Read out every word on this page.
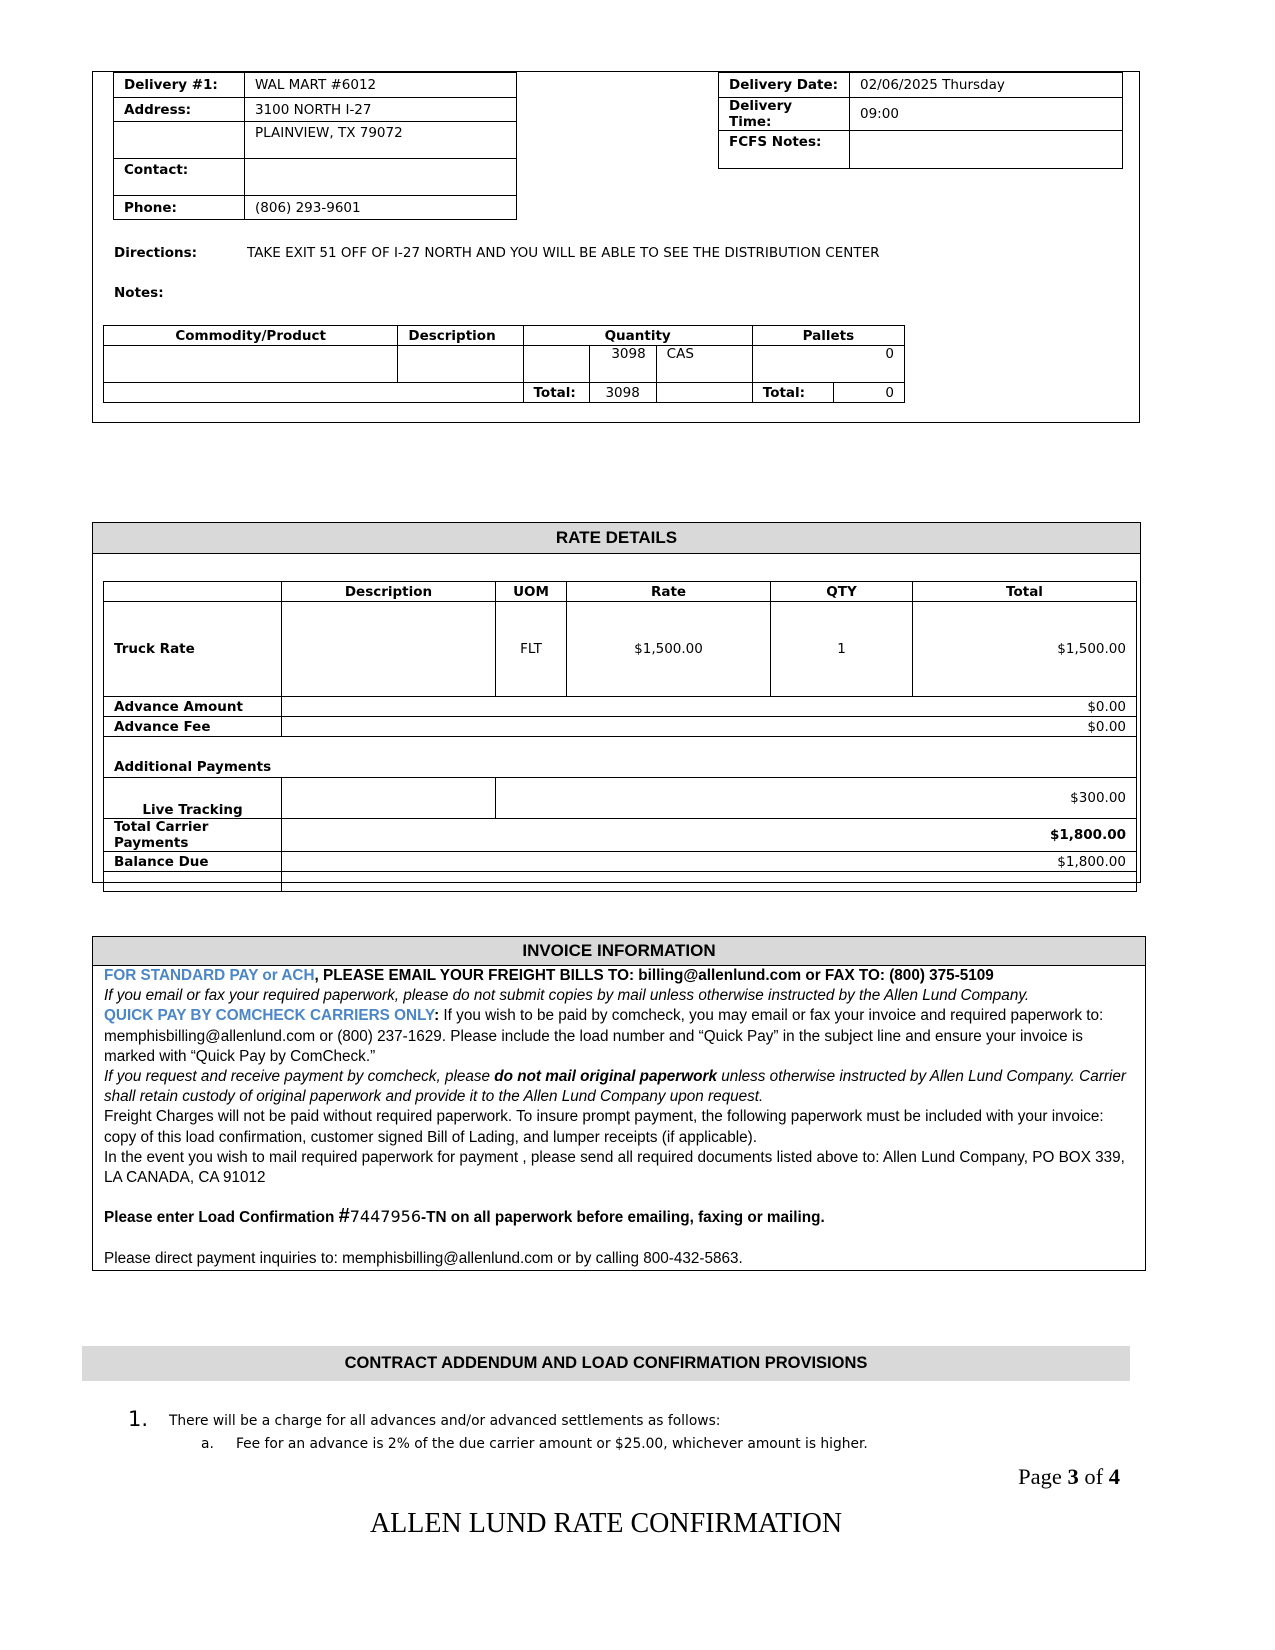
Delivery #1:	WAL MART #6012
Address:	3100 NORTH I-27
	PLAINVIEW, TX 79072
Contact:	
Phone:	(806) 293-9601
Delivery Date:	02/06/2025 Thursday
Delivery Time:	09:00
FCFS Notes:	
Directions:	TAKE EXIT 51 OFF OF I-27 NORTH AND YOU WILL BE ABLE TO SEE THE DISTRIBUTION CENTER
Notes:
Commodity/Product	Description	Quantity			Pallets	
			3098	CAS	0	
		Total:	3098		Total:	0
RATE DETAILS
	Description	UOM	Rate	QTY	Total
Truck Rate		FLT	$1,500.00	1	$1,500.00
Advance Amount	$0.00				
Advance Fee	$0.00				
Additional Payments					
Live Tracking		$300.00			
Total Carrier Payments	$1,800.00				
Balance Due	$1,800.00				

INVOICE INFORMATION

FOR STANDARD PAY or ACH, PLEASE EMAIL YOUR FREIGHT BILLS TO: billing@allenlund.com or FAX TO: (800) 375-5109

If you email or fax your required paperwork, please do not submit copies by mail unless otherwise instructed by the Allen Lund Company.

QUICK PAY BY COMCHECK CARRIERS ONLY: If you wish to be paid by comcheck, you may email or fax your invoice and required paperwork to: memphisbilling@allenlund.com or (800) 237-1629. Please include the load number and “Quick Pay” in the subject line and ensure your invoice is marked with “Quick Pay by ComCheck.”

If you request and receive payment by comcheck, please do not mail original paperwork unless otherwise instructed by Allen Lund Company. Carrier shall retain custody of original paperwork and provide it to the Allen Lund Company upon request.

Freight Charges will not be paid without required paperwork. To insure prompt payment, the following paperwork must be included with your invoice: copy of this load confirmation, customer signed Bill of Lading, and lumper receipts (if applicable).

In the event you wish to mail required paperwork for payment , please send all required documents listed above to: Allen Lund Company, PO BOX 339, LA CANADA, CA 91012

Please enter Load Confirmation #7447956-TN on all paperwork before emailing, faxing or mailing.

Please direct payment inquiries to: memphisbilling@allenlund.com or by calling 800-432-5863.

CONTRACT ADDENDUM AND LOAD CONFIRMATION PROVISIONS
1. There will be a charge for all advances and/or advanced settlements as follows:
a. Fee for an advance is 2% of the due carrier amount or $25.00, whichever amount is higher.
Page 3 of 4
ALLEN LUND RATE CONFIRMATION
